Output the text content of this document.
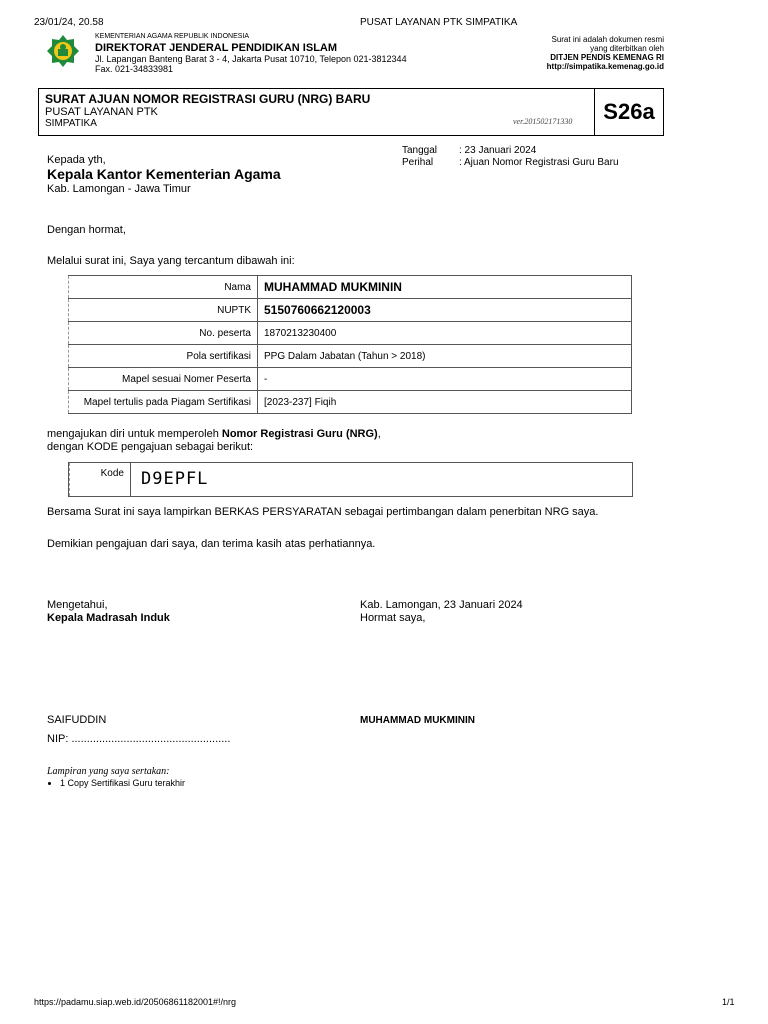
23/01/24, 20.58	PUSAT LAYANAN PTK SIMPATIKA
KEMENTERIAN AGAMA REPUBLIK INDONESIA
DIREKTORAT JENDERAL PENDIDIKAN ISLAM
Jl. Lapangan Banteng Barat 3 - 4, Jakarta Pusat 10710, Telepon 021-3812344
Fax. 021-34833981
Surat ini adalah dokumen resmi
yang diterbitkan oleh
DITJEN PENDIS KEMENAG RI
http://simpatika.kemenag.go.id
SURAT AJUAN NOMOR REGISTRASI GURU (NRG) BARU
PUSAT LAYANAN PTK
SIMPATIKA	ver.201502171330	S26a
Tanggal : 23 Januari 2024
Perihal	: Ajuan Nomor Registrasi Guru Baru
Kepada yth,
Kepala Kantor Kementerian Agama
Kab. Lamongan - Jawa Timur
Dengan hormat,
Melalui surat ini, Saya yang tercantum dibawah ini:
Nama	MUHAMMAD MUKMININ
NUPTK	5150760662120003
No. peserta	1870213230400
Pola sertifikasi	PPG Dalam Jabatan (Tahun > 2018)
Mapel sesuai Nomer Peserta	-
Mapel tertulis pada Piagam Sertifikasi	[2023-237] Fiqih
mengajukan diri untuk memperoleh Nomor Registrasi Guru (NRG),
dengan KODE pengajuan sebagai berikut:
Kode	D9EPFL
Bersama Surat ini saya lampirkan BERKAS PERSYARATAN sebagai pertimbangan dalam penerbitan NRG saya.
Demikian pengajuan dari saya, dan terima kasih atas perhatiannya.
Mengetahui,
Kepala Madrasah Induk
Kab. Lamongan, 23 Januari 2024
Hormat saya,
SAIFUDDIN
NIP: ....................................................
MUHAMMAD MUKMININ
Lampiran yang saya sertakan:
• 1 Copy Sertifikasi Guru terakhir
https://padamu.siap.web.id/20506861182001#!/nrg	1/1
